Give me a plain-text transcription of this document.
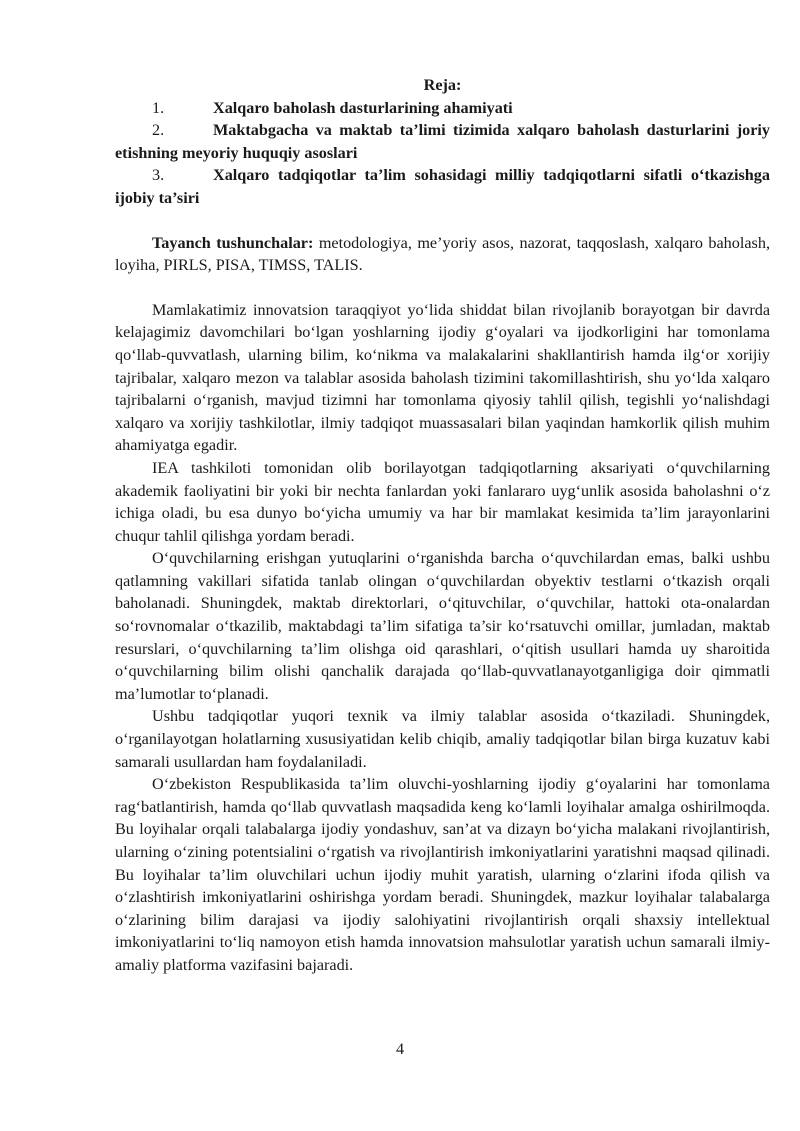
Reja:

1.	Xalqaro baholash dasturlarining ahamiyati

2.	Maktabgacha va maktab ta’limi tizimida xalqaro baholash dasturlarini joriy etishning meyoriy huquqiy asoslari

3.	Xalqaro tadqiqotlar ta’lim sohasidagi milliy tadqiqotlarni sifatli o‘tkazishga ijobiy ta’siri

Tayanch tushunchalar: metodologiya, me’yoriy asos, nazorat, taqqoslash, xalqaro baholash, loyiha, PIRLS, PISA, TIMSS, TALIS.

Mamlakatimiz innovatsion taraqqiyot yo‘lida shiddat bilan rivojlanib borayotgan bir davrda kelajagimiz davomchilari bo‘lgan yoshlarning ijodiy g‘oyalari va ijodkorligini har tomonlama qo‘llab-quvvatlash, ularning bilim, ko‘nikma va malakalarini shakllantirish hamda ilg‘or xorijiy tajribalar, xalqaro mezon va talablar asosida baholash tizimini takomillashtirish, shu yo‘lda xalqaro tajribalarni o‘rganish, mavjud tizimni har tomonlama qiyosiy tahlil qilish, tegishli yo‘nalishdagi xalqaro va xorijiy tashkilotlar, ilmiy tadqiqot muassasalari bilan yaqindan hamkorlik qilish muhim ahamiyatga egadir.

IEA tashkiloti tomonidan olib borilayotgan tadqiqotlarning aksariyati o‘quvchilarning akademik faoliyatini bir yoki bir nechta fanlardan yoki fanlararo uyg‘unlik asosida baholashni o‘z ichiga oladi, bu esa dunyo bo‘yicha umumiy va har bir mamlakat kesimida ta’lim jarayonlarini chuqur tahlil qilishga yordam beradi.

O‘quvchilarning erishgan yutuqlarini o‘rganishda barcha o‘quvchilardan emas, balki ushbu qatlamning vakillari sifatida tanlab olingan o‘quvchilardan obyektiv testlarni o‘tkazish orqali baholanadi. Shuningdek, maktab direktorlari, o‘qituvchilar, o‘quvchilar, hattoki ota-onalardan so‘rovnomalar o‘tkazilib, maktabdagi ta’lim sifatiga ta’sir ko‘rsatuvchi omillar, jumladan, maktab resurslari, o‘quvchilarning ta’lim olishga oid qarashlari, o‘qitish usullari hamda uy sharoitida o‘quvchilarning bilim olishi qanchalik darajada qo‘llab-quvvatlanayotganligiga doir qimmatli ma’lumotlar to‘planadi.

Ushbu tadqiqotlar yuqori texnik va ilmiy talablar asosida o‘tkaziladi. Shuningdek, o‘rganilayotgan holatlarning xususiyatidan kelib chiqib, amaliy tadqiqotlar bilan birga kuzatuv kabi samarali usullardan ham foydalaniladi.

O‘zbekiston Respublikasida ta’lim oluvchi-yoshlarning ijodiy g‘oyalarini har tomonlama rag‘batlantirish, hamda qo‘llab quvvatlash maqsadida keng ko‘lamli loyihalar amalga oshirilmoqda. Bu loyihalar orqali talabalarga ijodiy yondashuv, san’at va dizayn bo‘yicha malakani rivojlantirish, ularning o‘zining potentsialini o‘rgatish va rivojlantirish imkoniyatlarini yaratishni maqsad qilinadi. Bu loyihalar ta’lim oluvchilari uchun ijodiy muhit yaratish, ularning o‘zlarini ifoda qilish va o‘zlashtirish imkoniyatlarini oshirishga yordam beradi. Shuningdek, mazkur loyihalar talabalarga o‘zlarining bilim darajasi va ijodiy salohiyatini rivojlantirish orqali shaxsiy intellektual imkoniyatlarini to‘liq namoyon etish hamda innovatsion mahsulotlar yaratish uchun samarali ilmiy-amaliy platforma vazifasini bajaradi.

4
